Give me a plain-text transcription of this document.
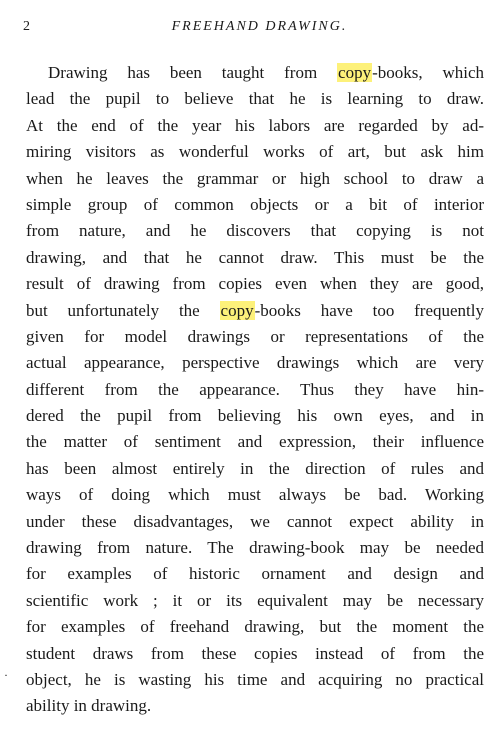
2	FREEHAND DRAWING.
Drawing has been taught from copy-books, which
lead the pupil to believe that he is learning to draw.
At the end of the year his labors are regarded by ad-
miring visitors as wonderful works of art, but ask him
when he leaves the grammar or high school to draw a
simple group of common objects or a bit of interior
from nature, and he discovers that copying is not
drawing, and that he cannot draw. This must be the
result of drawing from copies even when they are good,
but unfortunately the copy-books have too frequently
given for model drawings or representations of the
actual appearance, perspective drawings which are very
different from the appearance. Thus they have hin-
dered the pupil from believing his own eyes, and in
the matter of sentiment and expression, their influence
has been almost entirely in the direction of rules and
ways of doing which must always be bad. Working
under these disadvantages, we cannot expect ability in
drawing from nature. The drawing-book may be needed
for examples of historic ornament and design and
scientific work ; it or its equivalent may be necessary
for examples of freehand drawing, but the moment the
student draws from these copies instead of from the
object, he is wasting his time and acquiring no practical
ability in drawing.
·
